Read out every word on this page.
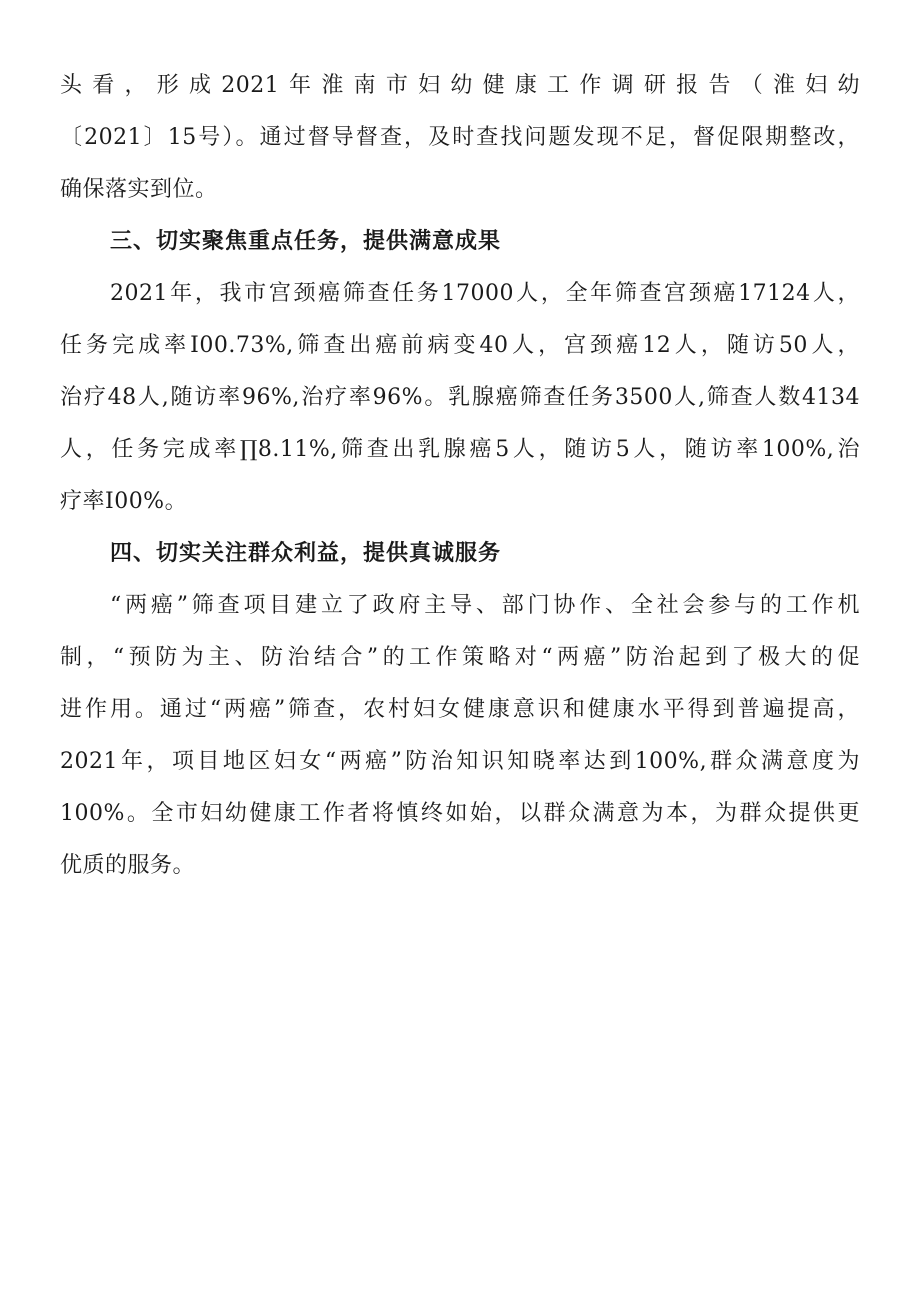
头看，形成2021年淮南市妇幼健康工作调研报告（淮妇幼
〔2021〕15号）。通过督导督查，及时查找问题发现不足，督促限期整改，
确保落实到位。
三、切实聚焦重点任务，提供满意成果
2021年，我市宫颈癌筛查任务17000人，全年筛查宫颈癌17124人，
任务完成率I00.73%,筛查出癌前病变40人，宫颈癌12人，随访50人，
治疗48人,随访率96%,治疗率96%。乳腺癌筛查任务3500人,筛查人数4134
人，任务完成率∏8.11%,筛查出乳腺癌5人，随访5人，随访率100%,治
疗率I00%。
四、切实关注群众利益，提供真诚服务
“两癌”筛查项目建立了政府主导、部门协作、全社会参与的工作机
制，“预防为主、防治结合”的工作策略对“两癌”防治起到了极大的促
进作用。通过“两癌”筛查，农村妇女健康意识和健康水平得到普遍提高，
2021年，项目地区妇女“两癌”防治知识知晓率达到100%,群众满意度为
100%。全市妇幼健康工作者将慎终如始，以群众满意为本，为群众提供更
优质的服务。
